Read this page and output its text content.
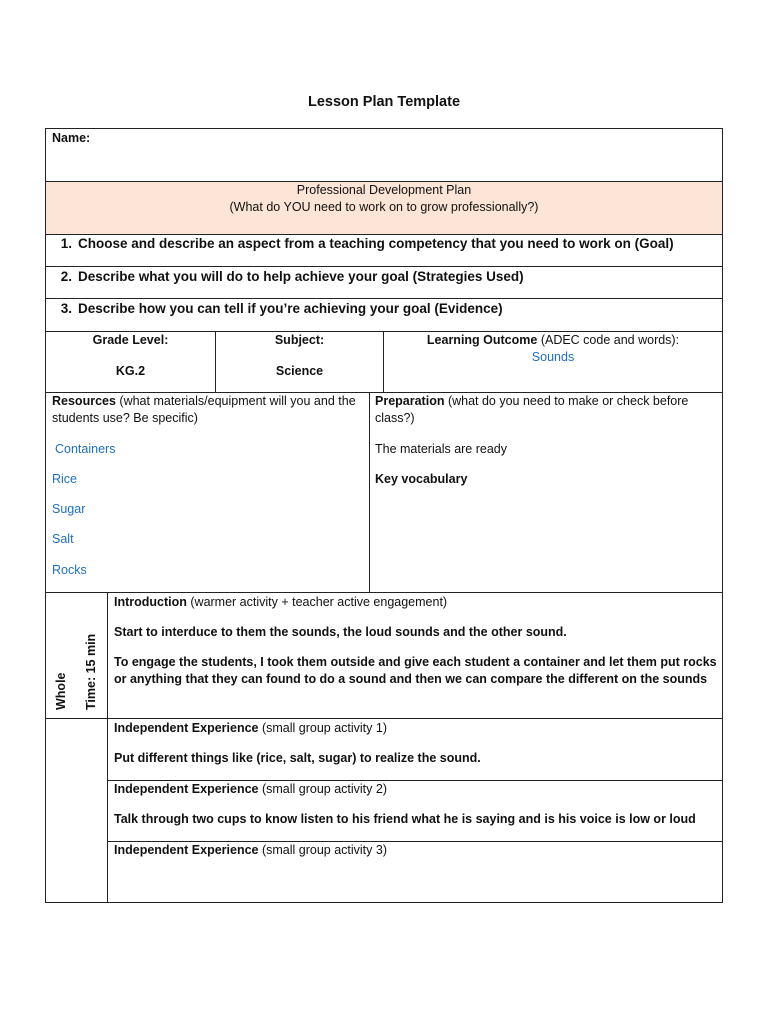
Lesson Plan Template
Name:
Professional Development Plan
(What do YOU need to work on to grow professionally?)
1. Choose and describe an aspect from a teaching competency that you need to work on (Goal)
2. Describe what you will do to help achieve your goal (Strategies Used)
3. Describe how you can tell if you’re achieving your goal (Evidence)
Grade Level:
KG.2
Subject:
Science
Learning Outcome (ADEC code and words):
Sounds
Resources (what materials/equipment will you and the students use? Be specific)
Containers
Rice
Sugar
Salt
Rocks
Preparation (what do you need to make or check before class?)
The materials are ready
Key vocabulary
Whole Time: 15 min
Introduction (warmer activity + teacher active engagement)
Start to interduce to them the sounds, the loud sounds and the other sound.
To engage the students, I took them outside and give each student a container and let them put rocks or anything that they can found to do a sound and then we can compare the different on the sounds
Independent Experience (small group activity 1)
Put different things like (rice, salt, sugar) to realize the sound.
Independent Experience (small group activity 2)
Talk through two cups to know listen to his friend what he is saying and is his voice is low or loud
Independent Experience (small group activity 3)
